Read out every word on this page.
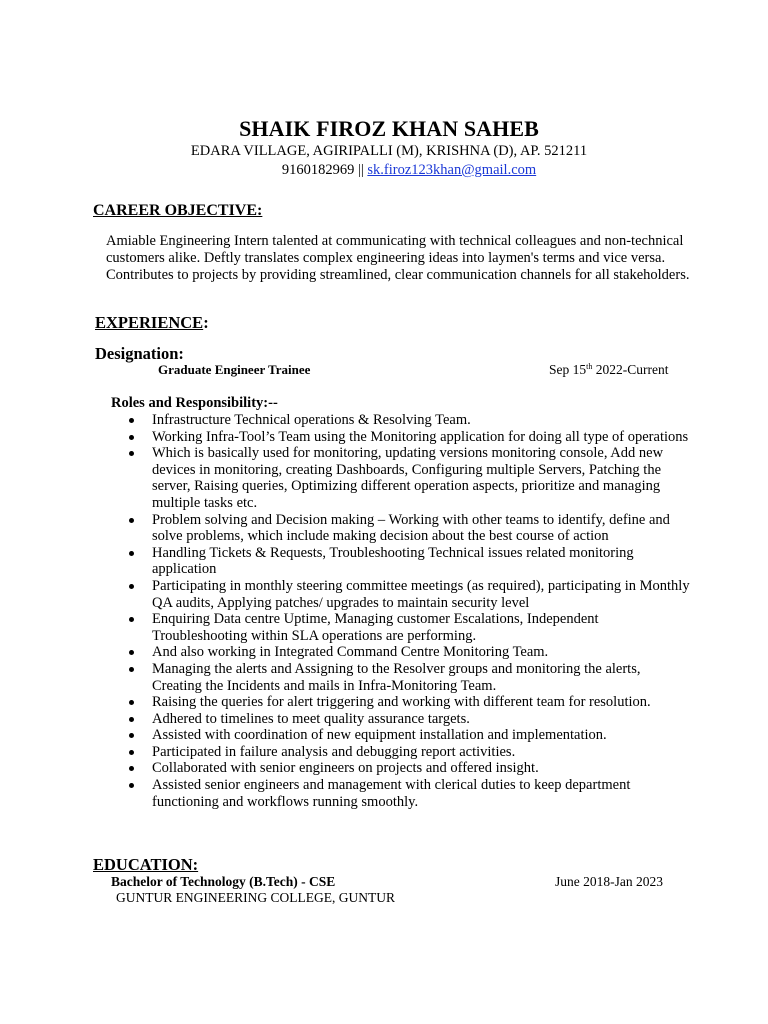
SHAIK FIROZ KHAN SAHEB
EDARA VILLAGE, AGIRIPALLI (M), KRISHNA (D), AP. 521211
9160182969 || sk.firoz123khan@gmail.com
CAREER OBJECTIVE:
Amiable Engineering Intern talented at communicating with technical colleagues and non-technical customers alike. Deftly translates complex engineering ideas into laymen's terms and vice versa. Contributes to projects by providing streamlined, clear communication channels for all stakeholders.
EXPERIENCE:
Designation:
Graduate Engineer Trainee	Sep 15th 2022-Current
Roles and Responsibility:--
Infrastructure Technical operations & Resolving Team.
Working Infra-Tool’s Team using the Monitoring application for doing all type of operations
Which is basically used for monitoring, updating versions monitoring console, Add new devices in monitoring, creating Dashboards, Configuring multiple Servers, Patching the server, Raising queries, Optimizing different operation aspects, prioritize and managing multiple tasks etc.
Problem solving and Decision making – Working with other teams to identify, define and solve problems, which include making decision about the best course of action
Handling Tickets & Requests, Troubleshooting Technical issues related monitoring application
Participating in monthly steering committee meetings (as required), participating in Monthly QA audits, Applying patches/ upgrades to maintain security level
Enquiring Data centre Uptime, Managing customer Escalations, Independent Troubleshooting within SLA operations are performing.
And also working in Integrated Command Centre Monitoring Team.
Managing the alerts and Assigning to the Resolver groups and monitoring the alerts, Creating the Incidents and mails in Infra-Monitoring Team.
Raising the queries for alert triggering and working with different team for resolution.
Adhered to timelines to meet quality assurance targets.
Assisted with coordination of new equipment installation and implementation.
Participated in failure analysis and debugging report activities.
Collaborated with senior engineers on projects and offered insight.
Assisted senior engineers and management with clerical duties to keep department functioning and workflows running smoothly.
EDUCATION:
Bachelor of Technology (B.Tech) - CSE	June 2018-Jan 2023
GUNTUR ENGINEERING COLLEGE, GUNTUR
